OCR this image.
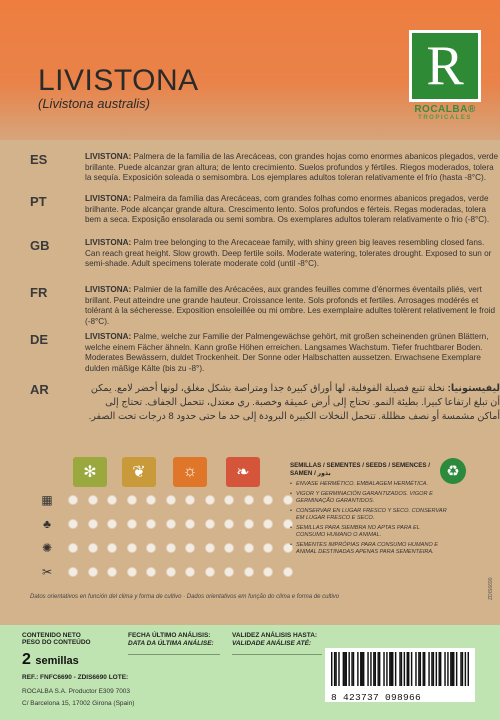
LIVISTONA
(Livistona australis)
R
ROCALBA®
TROPICALES
ES	LIVISTONA: Palmera de la familia de las Arecáceas, con grandes hojas como enormes abanicos plegados, verde brillante. Puede alcanzar gran altura; de lento crecimiento. Suelos profundos y fértiles. Riegos moderados, tolera la sequía. Exposición soleada o semisombra. Los ejemplares adultos toleran relativamente el frío (hasta -8°C).
PT	LIVISTONA: Palmeira da família das Arecáceas, com grandes folhas como enormes abanicos pregados, verde brilhante. Pode alcançar grande altura. Crescimento lento. Solos profundos e férteis. Regas moderadas, tolera bem a seca. Exposição ensolarada ou semi sombra. Os exemplares adultos toleram relativamente o frio (-8°C).
GB	LIVISTONA: Palm tree belonging to the Arecaceae family, with shiny green big leaves resembling closed fans. Can reach great height. Slow growth. Deep fertile soils. Moderate watering, tolerates drought. Exposed to sun or semi-shade. Adult specimens tolerate moderate cold (until -8°C).
FR	LIVISTONA: Palmier de la famille des Arécacées, aux grandes feuilles comme d'énormes éventails pliés, vert brillant. Peut atteindre une grande hauteur. Croissance lente. Sols profonds et fertiles. Arrosages modérés et tolérant à la sécheresse. Exposition ensoleillée ou mi ombre. Les exemplaire adultes tolèrent relativement le froid (-8°C).
DE	LIVISTONA: Palme, welche zur Familie der Palmengewächse gehört, mit großen scheinenden grünen Blättern, welche einem Fächer ähneln. Kann große Höhen erreichen. Langsames Wachstum. Tiefer fruchtbarer Boden. Moderates Bewässern, duldet Trockenheit. Der Sonne oder Halbschatten aussetzen. Erwachsene Exemplare dulden mäßige Kälte (bis zu -8°).
AR	ليفيستونيا: نخلة تتبع فصيلة الفوفلية، لها أوراق كبيرة جدا ومتراصة بشكل مغلق، لونها أخضر لامع. يمكن أن تبلغ ارتفاعا كبيرا. بطيئة النمو. تحتاج إلى أرض عميقة وخصبة. ري معتدل، تتحمل الجفاف. تحتاج إلى أماكن مشمسة أو نصف مظللة. تتحمل النخلات الكبيرة البرودة إلى حد ما حتى حدود 8 درجات تحت الصفر.
✻	❦	☼	❧
▦
♣
✺
✂
SEMILLAS / SEMENTES / SEEDS / SEMENCES / SAMEN / بذور
• ENVASE HERMÉTICO. EMBALAGEM HERMÉTICA.
• VIGOR Y GERMINACIÓN GARANTIZADOS. VIGOR E GERMINAÇÃO GARANTIDOS.
• CONSERVAR EN LUGAR FRESCO Y SECO. CONSERVAR EM LUGAR FRESCO E SECO.
• SEMILLAS PARA SIEMBRA NO APTAS PARA EL CONSUMO HUMANO O ANIMAL.
• SEMENTES IMPRÓPIAS PARA CONSUMO HUMANO E ANIMAL DESTINADAS APENAS PARA SEMENTEIRA.
♻
Datos orientativos en función del clima y forma de cultivo · Dados orientativos em função do clima e forma de cultivo
CONTENIDO NETO
PESO DO CONTEÚDO
2 semillas
REF.: FNFC6690 - ZDIS6690 LOTE:
ROCALBA S.A. Productor E309 7003
C/ Barcelona 15, 17002 Girona (Spain)
FECHA ÚLTIMO ANÁLISIS:
DATA DA ÚLTIMA ANÁLISE:
VALIDEZ ANÁLISIS HASTA:
VALIDADE ANÁLISE ATÉ:
8 423737 098966
ZDIS6690
